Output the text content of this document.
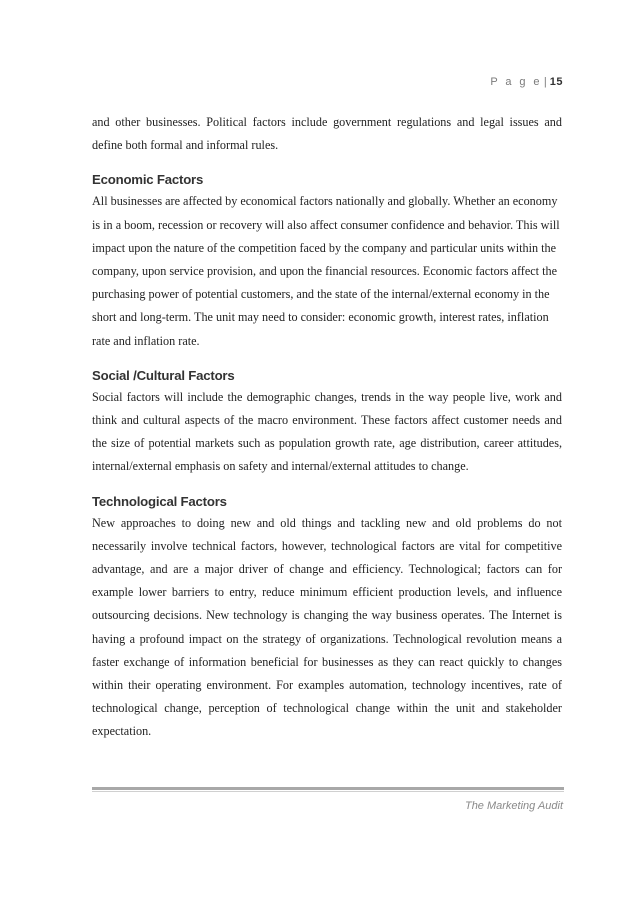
P a g e | 15

and other businesses. Political factors include government regulations and legal issues and define both formal and informal rules.

Economic Factors

All businesses are affected by economical factors nationally and globally. Whether an economy is in a boom, recession or recovery will also affect consumer confidence and behavior. This will impact upon the nature of the competition faced by the company and particular units within the company, upon service provision, and upon the financial resources. Economic factors affect the purchasing power of potential customers, and the state of the internal/external economy in the short and long-term. The unit may need to consider: economic growth, interest rates, inflation rate and inflation rate.

Social /Cultural Factors

Social factors will include the demographic changes, trends in the way people live, work and think and cultural aspects of the macro environment. These factors affect customer needs and the size of potential markets such as population growth rate, age distribution, career attitudes, internal/external emphasis on safety and internal/external attitudes to change.

Technological Factors

New approaches to doing new and old things and tackling new and old problems do not necessarily involve technical factors, however, technological factors are vital for competitive advantage, and are a major driver of change and efficiency. Technological; factors can for example lower barriers to entry, reduce minimum efficient production levels, and influence outsourcing decisions. New technology is changing the way business operates. The Internet is having a profound impact on the strategy of organizations. Technological revolution means a faster exchange of information beneficial for businesses as they can react quickly to changes within their operating environment. For examples automation, technology incentives, rate of technological change, perception of technological change within the unit and stakeholder expectation.

The Marketing Audit
